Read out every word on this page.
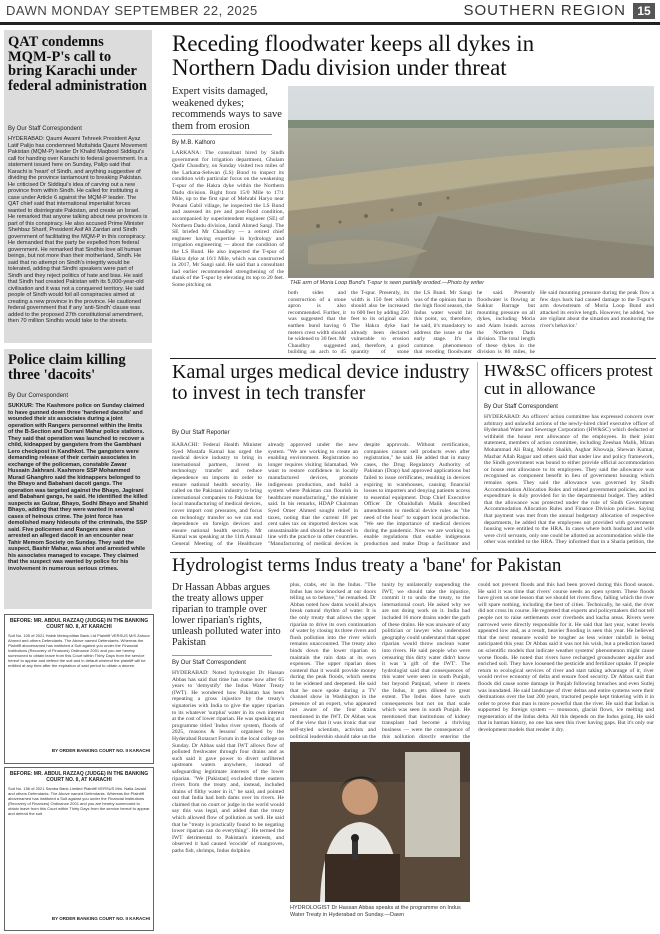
DAWN MONDAY SEPTEMBER 22, 2025	SOUTHERN REGION 15
QAT condemns MQM-P's call to bring Karachi under federal administration
By Our Staff Correspondent
HYDERABAD: Qaumi Awami Tehreek President Ayaz Latif Palijo has condemned Muttahida Qaumi Movement Pakistan (MQM-P) leader Dr Khalid Maqbool Siddiqui's call for handing over Karachi to federal government. In a statement issued here on Sunday, Palijo said that Karachi is 'heart' of Sindh, and anything suggestive of dividing the province tantamount to breaking Pakistan. He criticised Dr Siddiqui's idea of carving out a new province from within Sindh. He called for instituting a case under Article 6 against the MQM-P leader. The QAT chief said that international imperialist forces wanted to disintegrate Pakistan, and create an Israel. He remarked that anyone talking about new provinces is part of this conspiracy. He also accused Prime Minister Shehbaz Sharif, President Asif Ali Zardari and Sindh government of facilitating the MQM-P in this conspiracy. He demanded that the party be expelled from federal government. He remarked that Sindhis love all human beings, but not more than their motherland, Sindh. He said that no attempt on Sindh's integrity would be tolerated, adding that Sindhi speakers were part of Sindh and they reject politics of hate and bias. He said that Sindh had created Pakistan with its 5,000-year-old civilisation and it was not a conquered territory. He said people of Sindh would foil all conspiracies aimed at creating a new province in the province. He cautioned federal government that if any 'anti-Sindh' clause was added to the proposed 27th constitutional amendment, then 70 million Sindhis would take to the streets.
Police claim killing three 'dacoits'
By Our Correspondent
SUKKUR: The Kashmore police on Sunday claimed to have gunned down three 'hardened dacoits' and wounded their six associates during a joint operation with Rangers personnel within the limits of the B-Section and Durrani Mahar police stations. They said that operation was launched to recover a child, kidnapped by gangsters from the Gambhani Lero checkpost in Kandhkot. The gangsters were demanding release of their certain associates in exchange of the policeman, constable Zawar Hussain Jakhrani. Kashmore SSP Mohammed Murad Ghanghro said the kidnappers belonged to the Bhayo and Babahani dacoit gangs. The operation was targeted against the Bhayo, Jagirani and Babahani gangs, he said. He identified the killed suspects as Gulzar, Bhayo, Sodhi Bhayo and Shahid Bhayo, adding that they were wanted in several cases of heinous crime. The joint force has demolished many hideouts of the criminals, the SSP said. Five policemen and Rangers were also arrested an alleged dacoit in an encounter near Tahir Memom Society on Sunday. They said the suspect, Bashir Mahar, was shot and arrested while his associates managed to escape. They claimed that the suspect was wanted by police for his involvement in numerous serious crimes.
BEFORE: MR. ABDUL RAZZAQ (JUDGE) IN THE BANKING COURT NO. II, AT KARACHI
Suit No. 105 of 2021 Habib Metropolitan Bank Ltd Plaintiff VERSUS M/S Zahoor Ahmed and others Defendants. The Above named Defendants. Whereas the Plaintiff abovenamed has instituted a Suit against you under the Financial Institutions (Recovery of Finances) Ordinance 2001 and you are hereby summoned to obtain leave from this Court within Thirty Days from the service hereof to appear and defend the suit and in default whereof the plaintiff will be entitled at any time after the expiration of said period to obtain a decree.
BY ORDER BANKING COURT NO. II KARACHI
BEFORE: MR. ABDUL RAZZAQ (JUDGE) IN THE BANKING COURT NO. II, AT KARACHI
Suit No. 156 of 2021 Samba Bank Limited Plaintiff VERSUS Mrs. Naila Javaid and others Defendants. The Above named Defendants. Whereas the Plaintiff abovenamed has instituted a Suit against you under the Financial Institutions (Recovery of Finances) Ordinance 2001 and you are hereby summoned to obtain leave from this Court within Thirty Days from the service hereof to appear and defend the suit.
BY ORDER BANKING COURT NO. II KARACHI
Receding floodwater keeps all dykes in Northern Dadu division under threat
Expert visits damaged, weakened dykes; recommends ways to save them from erosion
By M.B. Kalhoro
LARKANA: The consultant hired by Sindh government for irrigation department, Ghulam Qadir Chaudhry, on Sunday visited two miles of the Larkana-Sehwan (LS) Bund to inspect its condition with particular focus on the weakening T-spur of the Hakra dyke within the Northern Dadu division. Right from 15/0 Mile to 17/1 Mile, up to the first spur of Mehrabi Haryo near Ponani Gabil village, he inspected the LS Bund and assessed its pre and post-flood condition, accompanied by superintendent engineer (SE) of Northern Dadu division, Jamil Ahmed Sangi. The SE briefed Mr Chaudhry — a retired chief engineer having expertise in hydrology and irrigation engineering — about the condition of the LS Bund. He also inspected the T-spur of Hakra dyke at 16/1 Mile, which was constructed in 2017, Mr Sangi said. He said that a consultant had earlier recommended strengthening of the shank of the T-spur by elevating its top to 20 feet. Some pitching on	THE arm of Moria Loop Bund's T-spur is seen partially eroded.—Photo by writer
both sides and construction of a stone apron is also recommended. Further, it was suggested that the earthen bund having 6 meters crest width should be widened to 30 feet. Mr Chaudhry suggested building an arch to 45
the T-spur. Presently, its width is 150 feet which should also be increased to 600 feet by adding 250 feet to its original size. The Hakra dyke had already been declared vulnerable to erosion and, therefore, a good quantity of stone
the LS Bund. Mr Sangi was of the opinion that in the high flood season, the Indus water would hit this point, so, therefore, he said, it's mandatory to address the issue at the early stage. It's a common phenomenon that receding floodwater
he said. Presently floodwater is flowing at Sukkur Barrage but mounting pressure on all dykes, including Moria and Alam bunds across the Northern Dadu division. The total length of these dykes in the division is 86 miles, he
He said mounting pressure during the peak flow a few days back had caused damage to the T-spur's arm downstream of Moria Loop Bund and attacked its eroive length. However, he added, 'we are vigilant about the situation and monitoring the river's behavior.'
Kamal urges medical device industry to invest in tech transfer
By Our Staff Reporter
KARACHI: Federal Health Minister Syed Mustafa Kamal has urged the medical device industry to bring in international partners, invest in technology transfer and reduce dependence on imports in order to ensure national health security. He called on the Pakistani industry to bring international companies to Pakistan for local manufacturing of medical devices, cover import cost pressures, and focus on technology transfer so we can end dependence on foreign devices and ensure national health security. Mr Kamal was speaking at the 11th Annual General Meeting of the Healthcare
already approved under the new system. "We are working to create an enabling environment. Registration no longer requires visiting Islamabad. We want to restore confidence in locally manufactured devices, promote indigenous production, and build a system where Pakistan can flourish in healthcare manufacturing," the minister said. In his remarks, HDAP Chairman Syed Omer Ahmed sought relief in taxes, noting that the current 18 per cent sales tax on imported devices was unsustainable and should be reduced in line with the practice in other countries. "Manufacturing of medical devices is
despite approvals. Without certification, companies cannot sell products even after registration," he said. He added that in many cases, the Drug Regulatory Authority of Pakistan (Drap) had approved applications but failed to issue certificates, resulting in devices expiring in warehouses, causing financial losses to importers and denying patients access to essential equipment. Drap Chief Executive Officer Dr Obaidullah Malik described amendments to medical device rules as "the need of the hour" to support local production. "We see the importance of medical devices during the pandemic. Now we are working to enable regulations that enable indigenous production and make Drap a facilitator and
HW&SC officers protest cut in allowance
By Our Staff Correspondent
HYDERABAD: An officers' action committee has expressed concern over arbitrary and unlawful actions of the newly-hired chief executive officer of Hyderabad Water and Sewerage Corporation (HW&SC) which deducted or withheld the house rent allowance of the employees. In their joint statement, members of action committee, including Zeeshan Malik, Mizan Mohammad Ali Baig, Moshir Shaikh, Asghar Khowaja, Shewan Kumar, Mazhar Allah Rajpar and others said that under law and policy framework, the Sindh government was bound to either provide official accommodation or house rent allowance to its employees. They said the allowance was recognised as component benefit in lieu of government housing which remains open. They said the allowance was governed by Sindh Accommodation Allocation Rules and related government policies, and its expenditure is duly provided for in the departmental budget. They added that the allowance was protected under the rule of Sindh Government Accommodation Allocation Rules and Finance Division policies. Saying that payment was met from the annual budgetary allocation of respective departments, he added that the employees not provided with government housing were entitled to the HRA. In cases where both husband and wife were civil servants, only one could be allotted an accommodation while the other was entitled to the HRA. They informed that in a Sharia petition, the
Hydrologist terms Indus treaty a 'bane' for Pakistan
Dr Hassan Abbas argues the treaty allows upper riparian to trample over lower riparian's rights, unleash polluted water into Pakistan
By Our Staff Correspondent
HYDERABAD: Noted hydrologist Dr Hassan Abbas has said that time has come now after 65 years to 'demystify' the Indus Water Treaty (IWT). He wondered how Pakistan has been repeating a gross injustice by the treaty's signatories with India to give the upper riparian to its whatever 'surplus' water in its own interest at the cost of lower riparian. He was speaking at a programme titled 'Indus river system, floods of 2025, reasons & lessons' organised by the Hyderabad Rotaract Forum in the local college on Sunday. Dr Abbas said that IWT allows flow of polluted freshwater through four drains and as such said it gave power to divert unfiltered upstream waters anywhere, instead of safeguarding legitimate interests of the lower riparian. "We [Pakistan] excluded three eastern rivers from the treaty and, instead, included drains of filthy water in it," he said, and pointed out that India had both dams over its rivers. He claimed that no court or judge in the world would say this was legal, and added that the treaty which allowed flow of pollution as well. He said that he "treaty is practically found to be negating lower riparian can do everything". He termed the IWT detrimental to Pakistan's interests, and observed it had caused 'ecocide' of mangroves, paths fish, shrimps, Indus dolphins
HYDROLOGIST Dr Hassan Abbas speaks at the programme on Indus Water Treaty in Hyderabad on Sunday.—Dawn
plus, crabs, etc in the Indus. "The Indus has now knocked at our doors telling us to behave," he remarked. Dr Abbas noted how dams would always break natural rhythm of water. It is the only treaty that allows the upper riparian to drive its own continuation of water by closing its three rivers and flush pollution into the river which remains unaccounted. The treaty also binds down the lower riparian to maintain the rain data at its own expenses. The upper riparian does contend that it would provide money during the peak floods, which seems to be widened and deepened. He said that he once spoke during a TV channel show in Washington in the presence of an expert, who appeared not aware of the four drains mentioned in the IWT. Dr Abbas was of the view that it was ironic that our self-styled scientists, activists and political leadership should take up the
tunity by unilaterally suspending the IWT, we should take the injustice, commit it to undo the treaty, to the international court. He asked why we are not doing work on it. India had included 16 more drains under the garb of these drains. He was unaware of any politician or lawyer who understood geography could understand that upper riparian would throw unclean water into rivers. He said people who were censuring this dirty water didn't know it was 'a gift of the IWT'. The hydrologist said that consequences of this water were seen in south Punjab, but beyond Panjnad, where it meets the Indus, it gets diluted to great extent. The Indus does have such consequences but not on that scale which was seen in south Punjab. He mentioned that institutions of kidney transplant had become a thriving business — were the consequence of this pollution directly entering the
could not prevent floods and this had been proved during this flood season. He said it was time that rivers' course needs an open system. These floods have given us one lesson that we should let rivers flow, falling which the river will spare nothing, including the best of cities. Technically, he said, the river did not cross its course. He regretted that experts and policymakers did not tell people not to raise settlements over riverbeds and kacha areas. Rivers were narrowed were directly responsible for it. He said that last year, water levels appeared low and, as a result, heavier flooding is seen this year. He believed that the next measure would be tougher as less winter rainfall is being anticipated this year. Dr Abbas said it was not his wish, but a prediction based on scientific models that indicate weather systems' phenomenon might cause worse floods. He noted that rivers have recharged groundwater aquifer and enriched soil. They have loosened the pesticide and fertilizer uptake. If people return to ecological services of river and start taking advantage of it, river would revive economy of delta and ensure food security. Dr Abbas said that floods did cause some damage in Punjab following breaches and even Sutlej was inundated. He said landscape of river deltas and entire systems were their destinations over the last 200 years, tractored people kept tinkering with it in order to prove that man is more powerful than the river. He said that Indian is supported by foreign system — monsoon, glacial flows, ice melting and regeneration of the Indus delta. All this depends on the Indus going. He said that in human history, no one has seen this river having gaps. But it's only our development models that render it dry.
